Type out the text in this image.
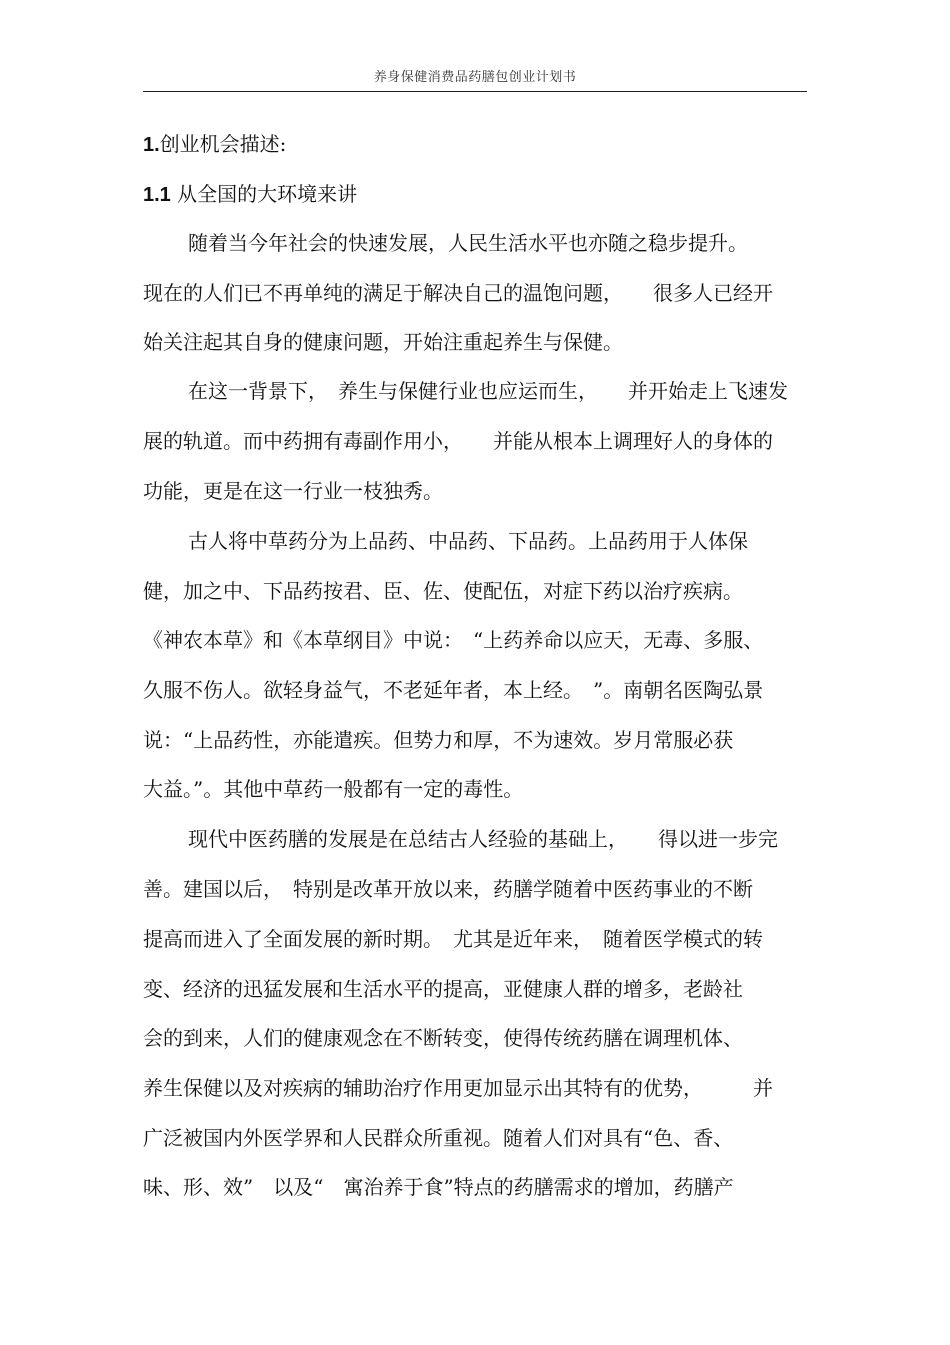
养身保健消费品药膳包创业计划书
1.创业机会描述:
1.1 从全国的大环境来讲
随着当今年社会的快速发展，人民生活水平也亦随之稳步提升。
现在的人们已不再单纯的满足于解决自己的温饱问题，　　很多人已经开
始关注起其自身的健康问题，开始注重起养生与保健。
在这一背景下，　养生与保健行业也应运而生，　　并开始走上飞速发
展的轨道。而中药拥有毒副作用小，　　并能从根本上调理好人的身体的
功能，更是在这一行业一枝独秀。
古人将中草药分为上品药、中品药、下品药。上品药用于人体保
健，加之中、下品药按君、臣、佐、使配伍，对症下药以治疗疾病。
《神农本草》和《本草纲目》中说：　“上药养命以应天，无毒、多服、
久服不伤人。欲轻身益气，不老延年者，本上经。　”。南朝名医陶弘景
说：“上品药性，亦能遣疾。但势力和厚，不为速效。岁月常服必获
大益。”。其他中草药一般都有一定的毒性。
现代中医药膳的发展是在总结古人经验的基础上，　　得以进一步完
善。建国以后，　特别是改革开放以来，药膳学随着中医药事业的不断
提高而进入了全面发展的新时期。　尤其是近年来，　随着医学模式的转
变、经济的迅猛发展和生活水平的提高，亚健康人群的增多，老龄社
会的到来，人们的健康观念在不断转变，使得传统药膳在调理机体、
养生保健以及对疾病的辅助治疗作用更加显示出其特有的优势，　　　并
广泛被国内外医学界和人民群众所重视。随着人们对具有“色、香、
味、形、效”　以及“　寓治养于食”特点的药膳需求的增加，药膳产
